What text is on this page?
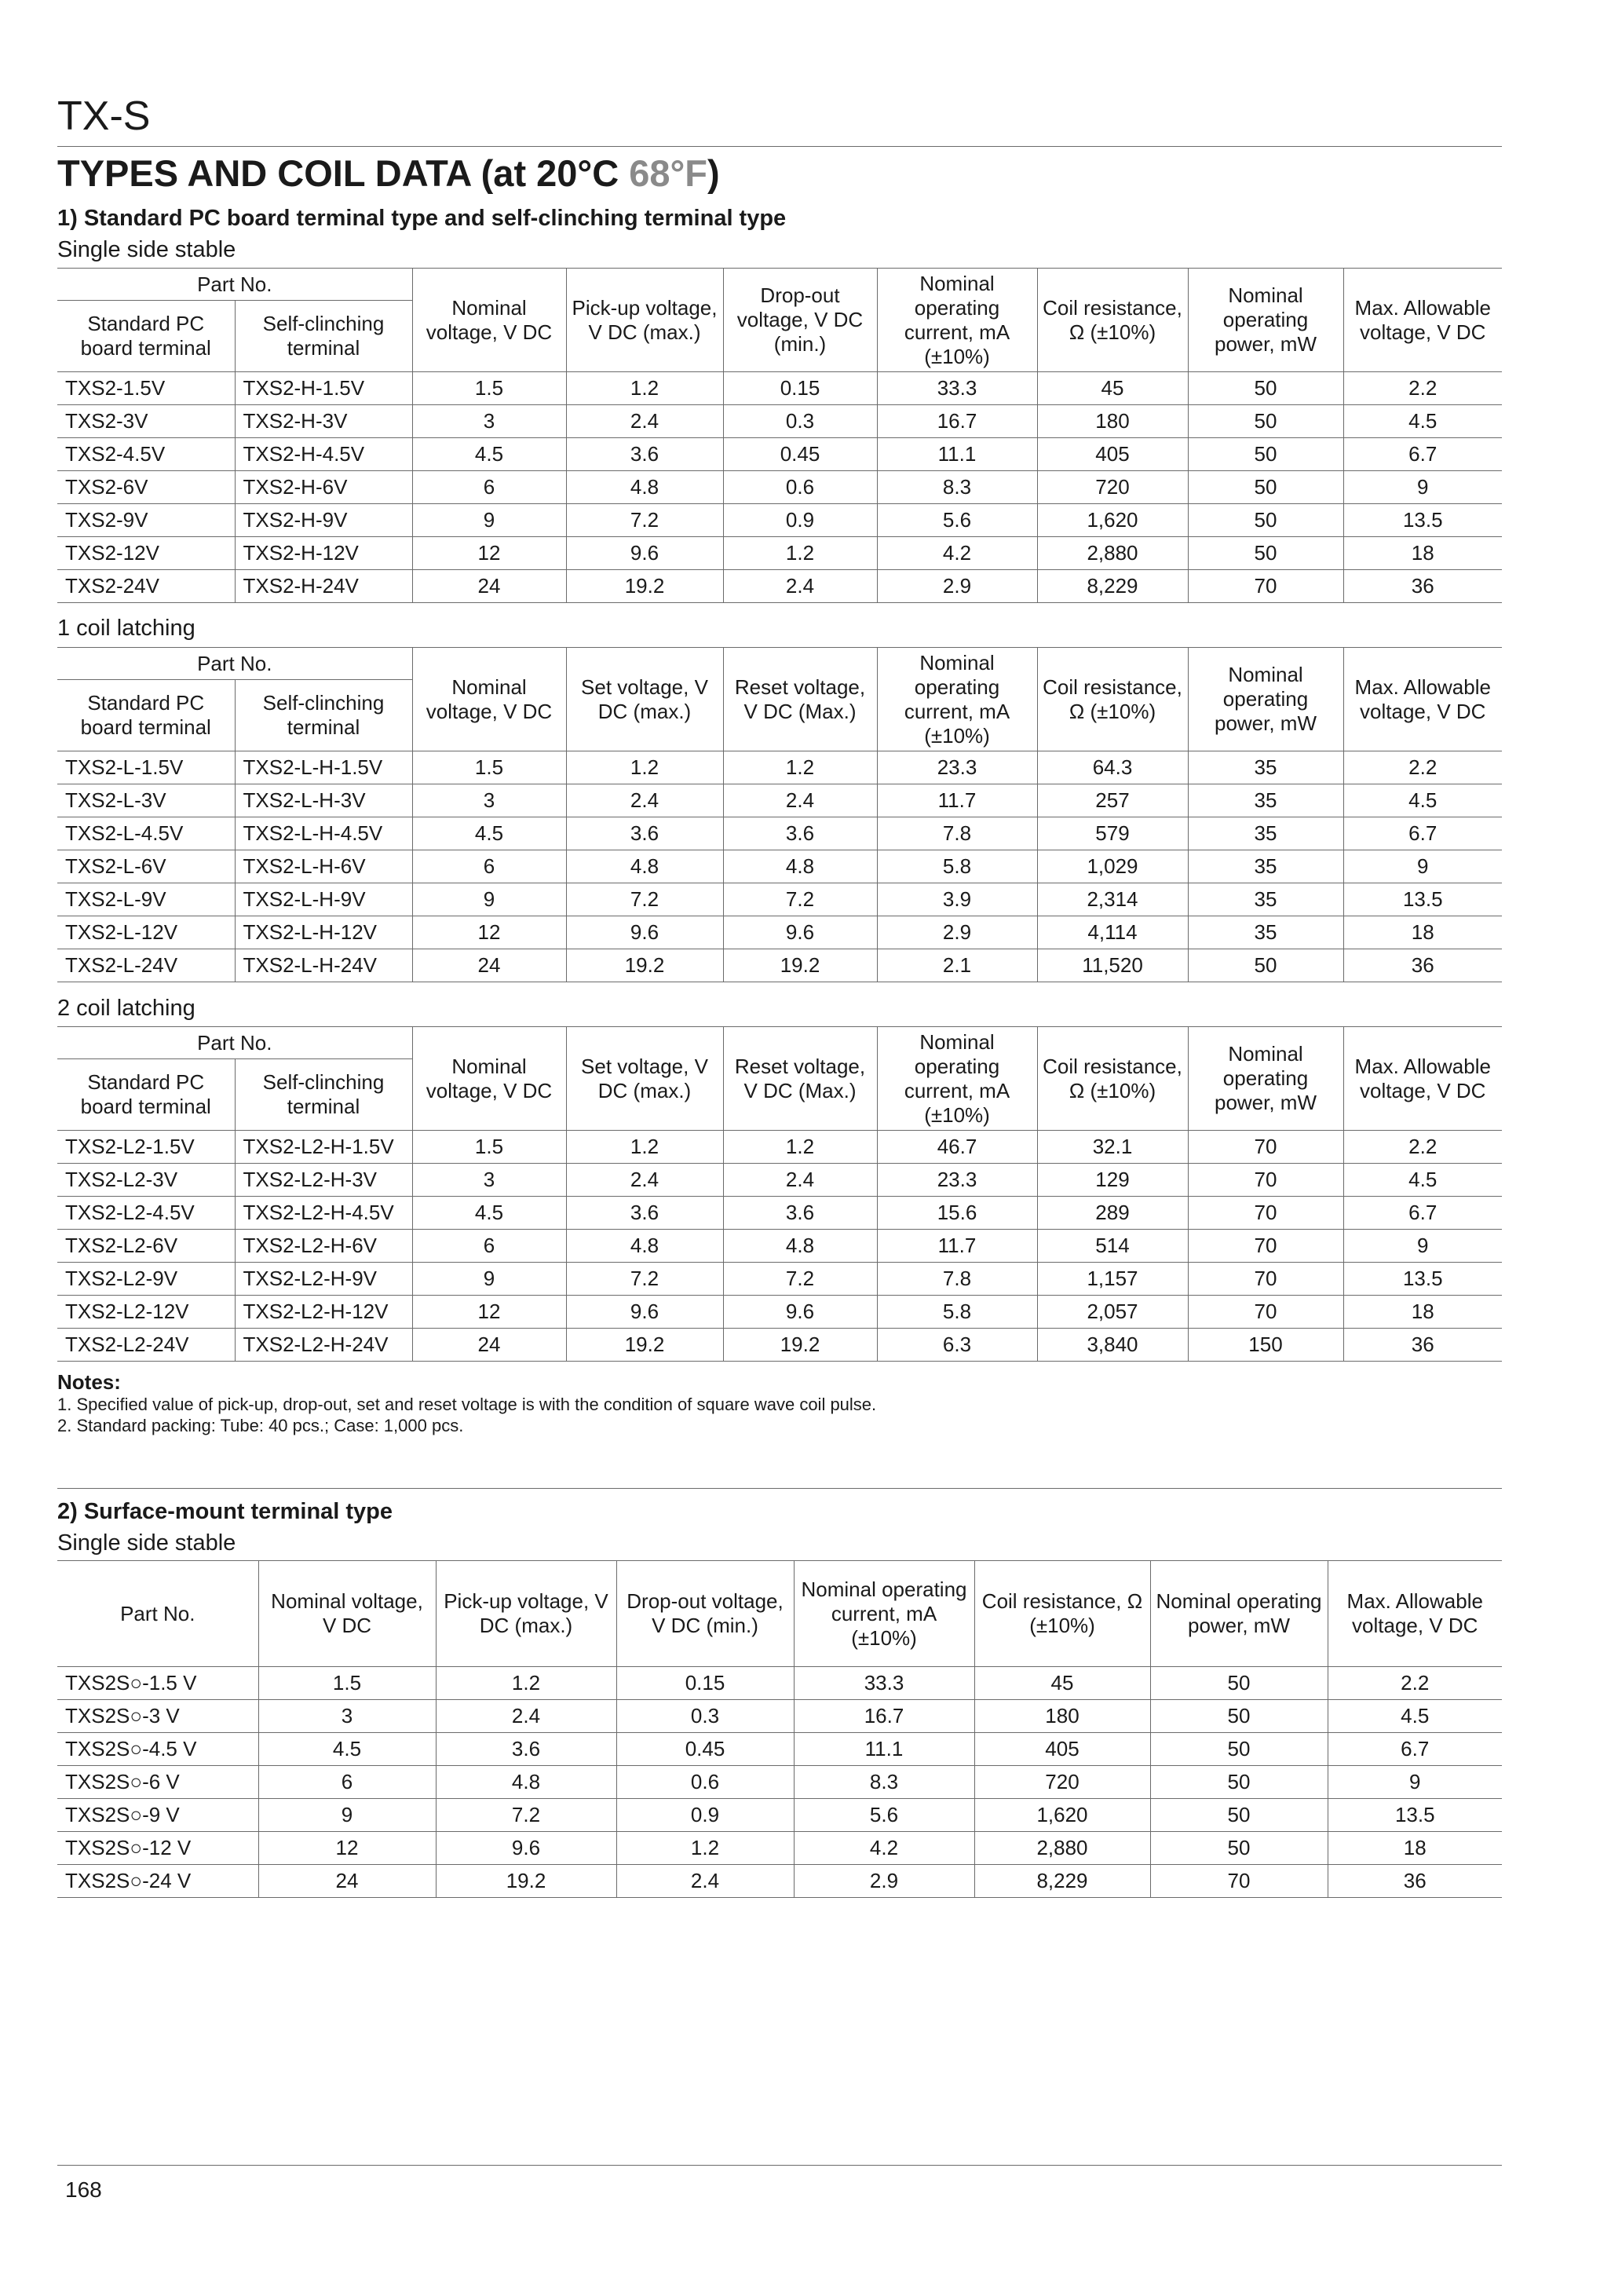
TX-S
TYPES AND COIL DATA (at 20°C 68°F)
1) Standard PC board terminal type and self-clinching terminal type
Single side stable
Part No.		Nominal voltage, V DC	Pick-up voltage, V DC (max.)	Drop-out voltage, V DC (min.)	Nominal operating current, mA (±10%)	Coil resistance, Ω (±10%)	Nominal operating power, mW	Max. Allowable voltage, V DC
Standard PC board terminal	Self-clinching terminal							
TXS2-1.5V	TXS2-H-1.5V	1.5	1.2	0.15	33.3	45	50	2.2
TXS2-3V	TXS2-H-3V	3	2.4	0.3	16.7	180	50	4.5
TXS2-4.5V	TXS2-H-4.5V	4.5	3.6	0.45	11.1	405	50	6.7
TXS2-6V	TXS2-H-6V	6	4.8	0.6	8.3	720	50	9
TXS2-9V	TXS2-H-9V	9	7.2	0.9	5.6	1,620	50	13.5
TXS2-12V	TXS2-H-12V	12	9.6	1.2	4.2	2,880	50	18
TXS2-24V	TXS2-H-24V	24	19.2	2.4	2.9	8,229	70	36
1 coil latching
Part No.		Nominal voltage, V DC	Set voltage, V DC (max.)	Reset voltage, V DC (Max.)	Nominal operating current, mA (±10%)	Coil resistance, Ω (±10%)	Nominal operating power, mW	Max. Allowable voltage, V DC
Standard PC board terminal	Self-clinching terminal							
TXS2-L-1.5V	TXS2-L-H-1.5V	1.5	1.2	1.2	23.3	64.3	35	2.2
TXS2-L-3V	TXS2-L-H-3V	3	2.4	2.4	11.7	257	35	4.5
TXS2-L-4.5V	TXS2-L-H-4.5V	4.5	3.6	3.6	7.8	579	35	6.7
TXS2-L-6V	TXS2-L-H-6V	6	4.8	4.8	5.8	1,029	35	9
TXS2-L-9V	TXS2-L-H-9V	9	7.2	7.2	3.9	2,314	35	13.5
TXS2-L-12V	TXS2-L-H-12V	12	9.6	9.6	2.9	4,114	35	18
TXS2-L-24V	TXS2-L-H-24V	24	19.2	19.2	2.1	11,520	50	36
2 coil latching
Part No.		Nominal voltage, V DC	Set voltage, V DC (max.)	Reset voltage, V DC (Max.)	Nominal operating current, mA (±10%)	Coil resistance, Ω (±10%)	Nominal operating power, mW	Max. Allowable voltage, V DC
Standard PC board terminal	Self-clinching terminal							
TXS2-L2-1.5V	TXS2-L2-H-1.5V	1.5	1.2	1.2	46.7	32.1	70	2.2
TXS2-L2-3V	TXS2-L2-H-3V	3	2.4	2.4	23.3	129	70	4.5
TXS2-L2-4.5V	TXS2-L2-H-4.5V	4.5	3.6	3.6	15.6	289	70	6.7
TXS2-L2-6V	TXS2-L2-H-6V	6	4.8	4.8	11.7	514	70	9
TXS2-L2-9V	TXS2-L2-H-9V	9	7.2	7.2	7.8	1,157	70	13.5
TXS2-L2-12V	TXS2-L2-H-12V	12	9.6	9.6	5.8	2,057	70	18
TXS2-L2-24V	TXS2-L2-H-24V	24	19.2	19.2	6.3	3,840	150	36
Notes:
1. Specified value of pick-up, drop-out, set and reset voltage is with the condition of square wave coil pulse.
2. Standard packing: Tube: 40 pcs.; Case: 1,000 pcs.
2) Surface-mount terminal type
Single side stable
Part No.	Nominal voltage, V DC	Pick-up voltage, V DC (max.)	Drop-out voltage, V DC (min.)	Nominal operating current, mA (±10%)	Coil resistance, Ω (±10%)	Nominal operating power, mW	Max. Allowable voltage, V DC
TXS2S○-1.5 V	1.5	1.2	0.15	33.3	45	50	2.2
TXS2S○-3 V	3	2.4	0.3	16.7	180	50	4.5
TXS2S○-4.5 V	4.5	3.6	0.45	11.1	405	50	6.7
TXS2S○-6 V	6	4.8	0.6	8.3	720	50	9
TXS2S○-9 V	9	7.2	0.9	5.6	1,620	50	13.5
TXS2S○-12 V	12	9.6	1.2	4.2	2,880	50	18
TXS2S○-24 V	24	19.2	2.4	2.9	8,229	70	36
168
